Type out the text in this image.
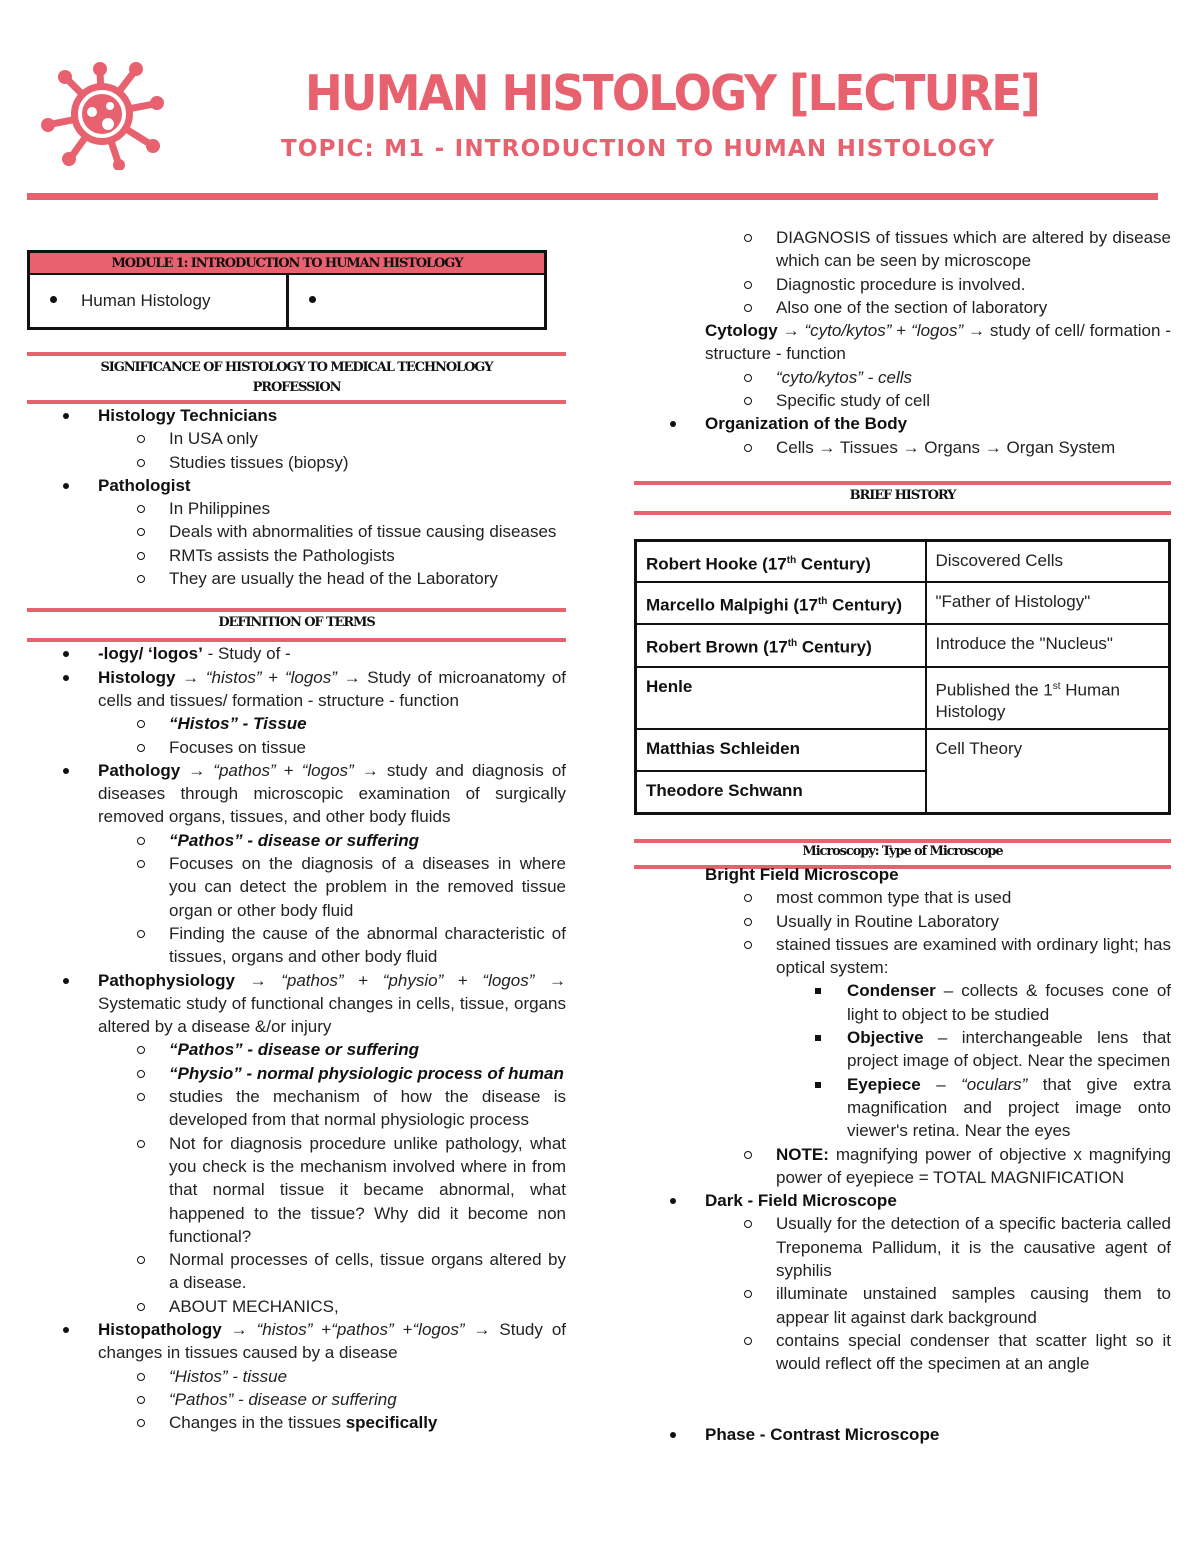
HUMAN HISTOLOGY [LECTURE]
TOPIC: M1 - INTRODUCTION TO HUMAN HISTOLOGY
MODULE 1: INTRODUCTION TO HUMAN HISTOLOGY
Human Histology
SIGNIFICANCE OF HISTOLOGY TO MEDICAL TECHNOLOGY PROFESSION
Histology Technicians
In USA only
Studies tissues (biopsy)
Pathologist
In Philippines
Deals with abnormalities of tissue causing diseases
RMTs assists the Pathologists
They are usually the head of the Laboratory
DEFINITION OF TERMS
-logy/ ‘logos’ - Study of -
Histology → “histos” + “logos” → Study of microanatomy of cells and tissues/ formation - structure - function
“Histos” - Tissue
Focuses on tissue
Pathology → “pathos” + “logos” → study and diagnosis of diseases through microscopic examination of surgically removed organs, tissues, and other body fluids
“Pathos” - disease or suffering
Focuses on the diagnosis of a diseases in where you can detect the problem in the removed tissue organ or other body fluid
Finding the cause of the abnormal characteristic of tissues, organs and other body fluid
Pathophysiology → “pathos” + “physio” + “logos” → Systematic study of functional changes in cells, tissue, organs altered by a disease &/or injury
“Pathos” - disease or suffering
“Physio” - normal physiologic process of human
studies the mechanism of how the disease is developed from that normal physiologic process
Not for diagnosis procedure unlike pathology, what you check is the mechanism involved where in from that normal tissue it became abnormal, what happened to the tissue? Why did it become non functional?
Normal processes of cells, tissue organs altered by a disease.
ABOUT MECHANICS,
Histopathology → “histos” +“pathos” +“logos” → Study of changes in tissues caused by a disease
“Histos” - tissue
“Pathos” - disease or suffering
Changes in the tissues specifically
DIAGNOSIS of tissues which are altered by disease which can be seen by microscope
Diagnostic procedure is involved.
Also one of the section of laboratory
Cytology → “cyto/kytos” + “logos” → study of cell/ formation - structure - function
“cyto/kytos” - cells
Specific study of cell
Organization of the Body
Cells → Tissues → Organs → Organ System
BRIEF HISTORY
Robert Hooke (17th Century)	Discovered Cells
Marcello Malpighi (17th Century)	"Father of Histology"
Robert Brown (17th Century)	Introduce the "Nucleus"
Henle	Published the 1st Human Histology
Matthias Schleiden	Cell Theory
Theodore Schwann	
Microscopy: Type of Microscope
Bright Field Microscope
most common type that is used
Usually in Routine Laboratory
stained tissues are examined with ordinary light; has optical system:
Condenser – collects & focuses cone of light to object to be studied
Objective – interchangeable lens that project image of object. Near the specimen
Eyepiece – “oculars” that give extra magnification and project image onto viewer's retina. Near the eyes
NOTE: magnifying power of objective x magnifying power of eyepiece = TOTAL MAGNIFICATION
Dark - Field Microscope
Usually for the detection of a specific bacteria called Treponema Pallidum, it is the causative agent of syphilis
illuminate unstained samples causing them to appear lit against dark background
contains special condenser that scatter light so it would reflect off the specimen at an angle
Phase - Contrast Microscope
